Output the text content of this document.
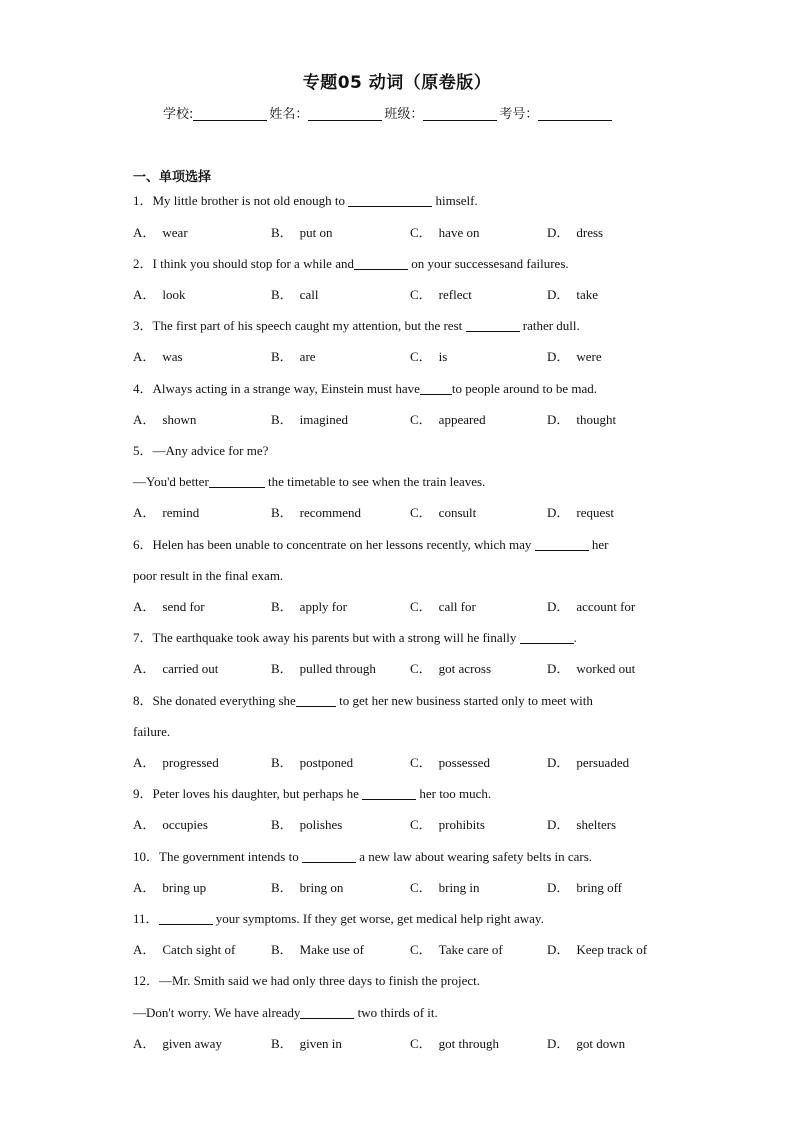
专题05 动词（原卷版）
学校:	姓名：	班级：	考号：
一、单项选择
1．My little brother is not old enough to	himself.
A． wear	B． put on	C． have on	D． dress
2．I think you should stop for a while and	on your successesand failures.
A． look	B． call	C． reflect	D． take
3．The first part of his speech caught my attention, but the rest	rather dull.
A． was	B． are	C． is	D． were
4．Always acting in a strange way, Einstein must have to people around to be mad.
A． shown	B． imagined	C． appeared	D． thought
5．—Any advice for me?
—You'd better	the timetable to see when the train leaves.
A． remind	B． recommend	C． consult	D． request
6．Helen has been unable to concentrate on her lessons recently, which may	her
poor result in the final exam.
A． send for	B． apply for	C． call for	D． account for
7．The earthquake took away his parents but with a strong will he finally	.
A． carried out	B． pulled through	C． got across	D． worked out
8．She donated everything she	to get her new business started only to meet with
failure.
A． progressed	B． postponed	C． possessed	D． persuaded
9．Peter loves his daughter, but perhaps he	her too much.
A． occupies	B． polishes	C． prohibits	D． shelters
10．The government intends to	a new law about wearing safety belts in cars.
A． bring up	B． bring on	C． bring in	D． bring off
11．	your symptoms. If they get worse, get medical help right away.
A． Catch sight of	B． Make use of	C． Take care of	D． Keep track of
12．—Mr. Smith said we had only three days to finish the project.
—Don't worry. We have already	two thirds of it.
A． given away	B． given in	C． got through	D． got down
